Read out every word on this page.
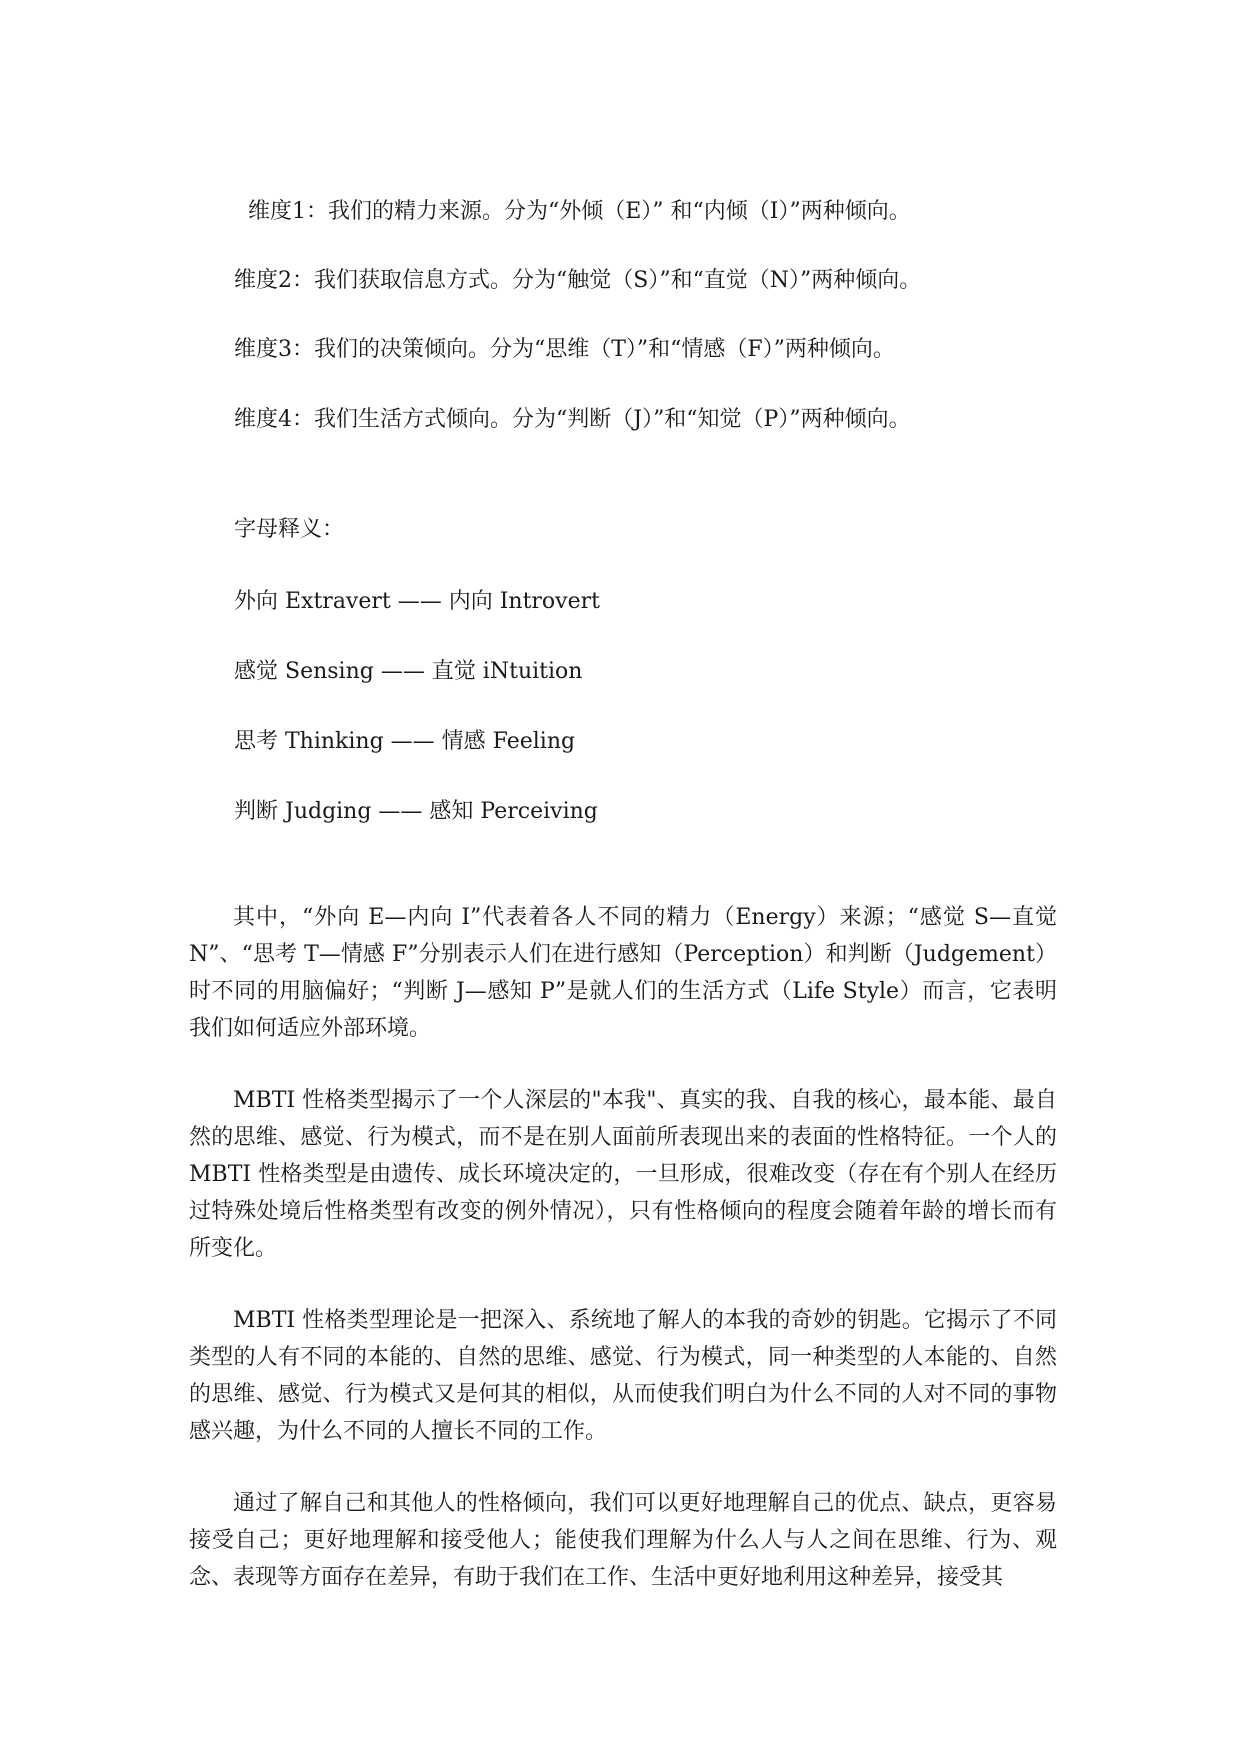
维度1：我们的精力来源。分为“外倾（E）” 和“内倾（I）”两种倾向。
维度2：我们获取信息方式。分为“触觉（S）”和“直觉（N）”两种倾向。
维度3：我们的决策倾向。分为“思维（T）”和“情感（F）”两种倾向。
维度4：我们生活方式倾向。分为“判断（J）”和“知觉（P）”两种倾向。
字母释义：
外向 Extravert —— 内向 Introvert
感觉 Sensing —— 直觉 iNtuition
思考 Thinking —— 情感 Feeling
判断 Judging —— 感知 Perceiving

其中，“外向 E—内向 I”代表着各人不同的精力（Energy）来源；“感觉 S—直觉 N”、“思考 T—情感 F”分别表示人们在进行感知（Perception）和判断（Judgement）时不同的用脑偏好；“判断 J—感知 P”是就人们的生活方式（Life Style）而言，它表明我们如何适应外部环境。

MBTI 性格类型揭示了一个人深层的"本我"、真实的我、自我的核心，最本能、最自然的思维、感觉、行为模式，而不是在别人面前所表现出来的表面的性格特征。一个人的 MBTI 性格类型是由遗传、成长环境决定的，一旦形成，很难改变（存在有个别人在经历过特殊处境后性格类型有改变的例外情况），只有性格倾向的程度会随着年龄的增长而有所变化。

MBTI 性格类型理论是一把深入、系统地了解人的本我的奇妙的钥匙。它揭示了不同类型的人有不同的本能的、自然的思维、感觉、行为模式，同一种类型的人本能的、自然的思维、感觉、行为模式又是何其的相似，从而使我们明白为什么不同的人对不同的事物感兴趣，为什么不同的人擅长不同的工作。

通过了解自己和其他人的性格倾向，我们可以更好地理解自己的优点、缺点，更容易接受自己；更好地理解和接受他人；能使我们理解为什么人与人之间在思维、行为、观念、表现等方面存在差异，有助于我们在工作、生活中更好地利用这种差异，接受其
